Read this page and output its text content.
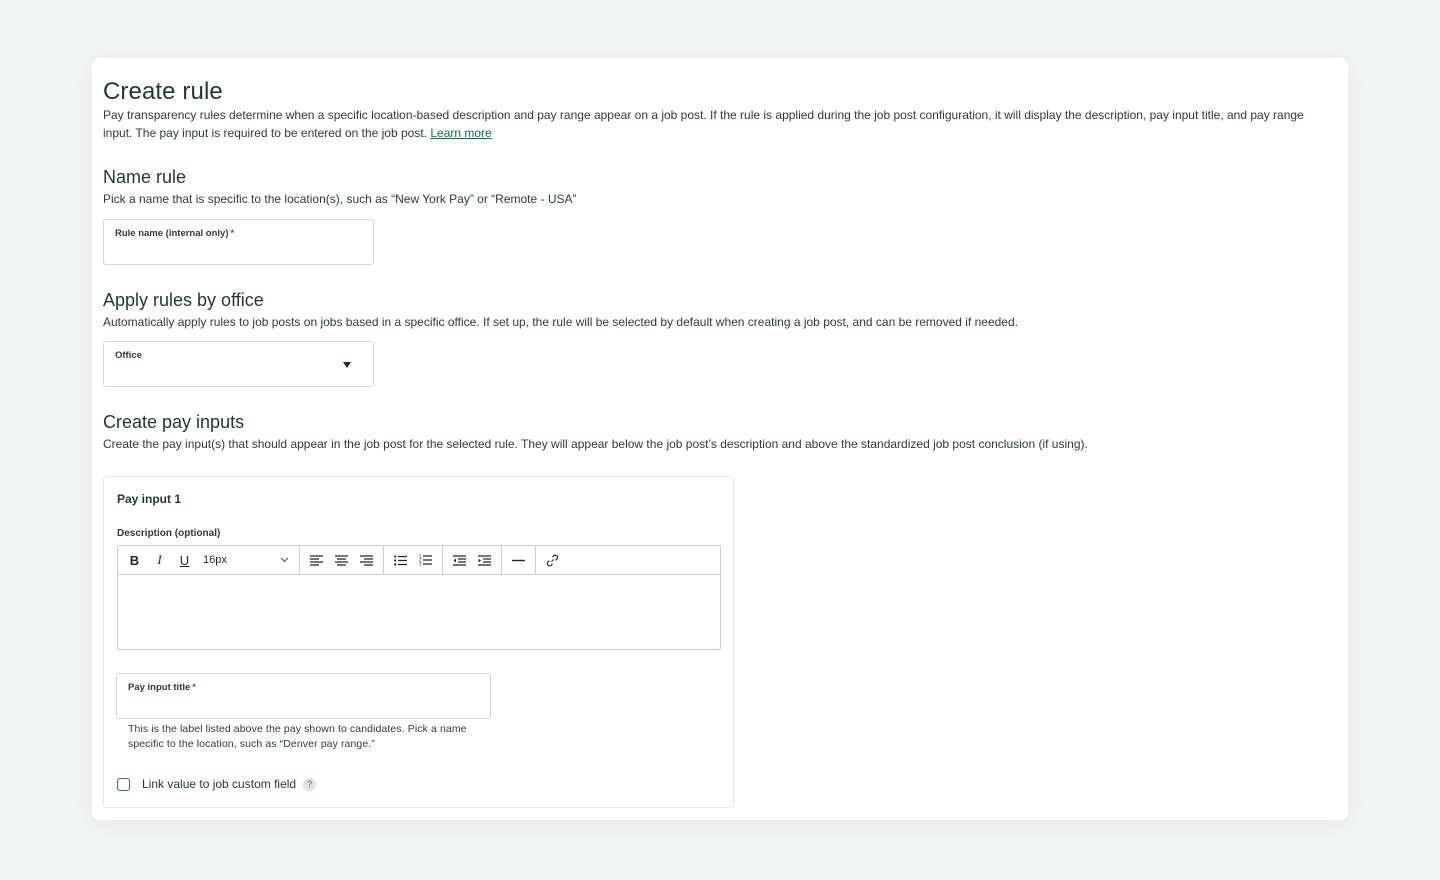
Create rule

Pay transparency rules determine when a specific location-based description and pay range appear on a job post. If the rule is applied during the job post configuration, it will display the description, pay input title, and pay range input. The pay input is required to be entered on the job post. Learn more

Name rule

Pick a name that is specific to the location(s), such as “New York Pay” or “Remote - USA”

Rule name (internal only) *
Apply rules by office

Automatically apply rules to job posts on jobs based in a specific office. If set up, the rule will be selected by default when creating a job post, and can be removed if needed.

Office
Create pay inputs

Create the pay input(s) that should appear in the job post for the selected rule. They will appear below the job post’s description and above the standardized job post conclusion (if using).

Pay input 1
Description (optional)
B	I	U	16px	1
2
3
Pay input title *

This is the label listed above the pay shown to candidates. Pick a name specific to the location, such as “Denver pay range.”

Link value to job custom field	?
